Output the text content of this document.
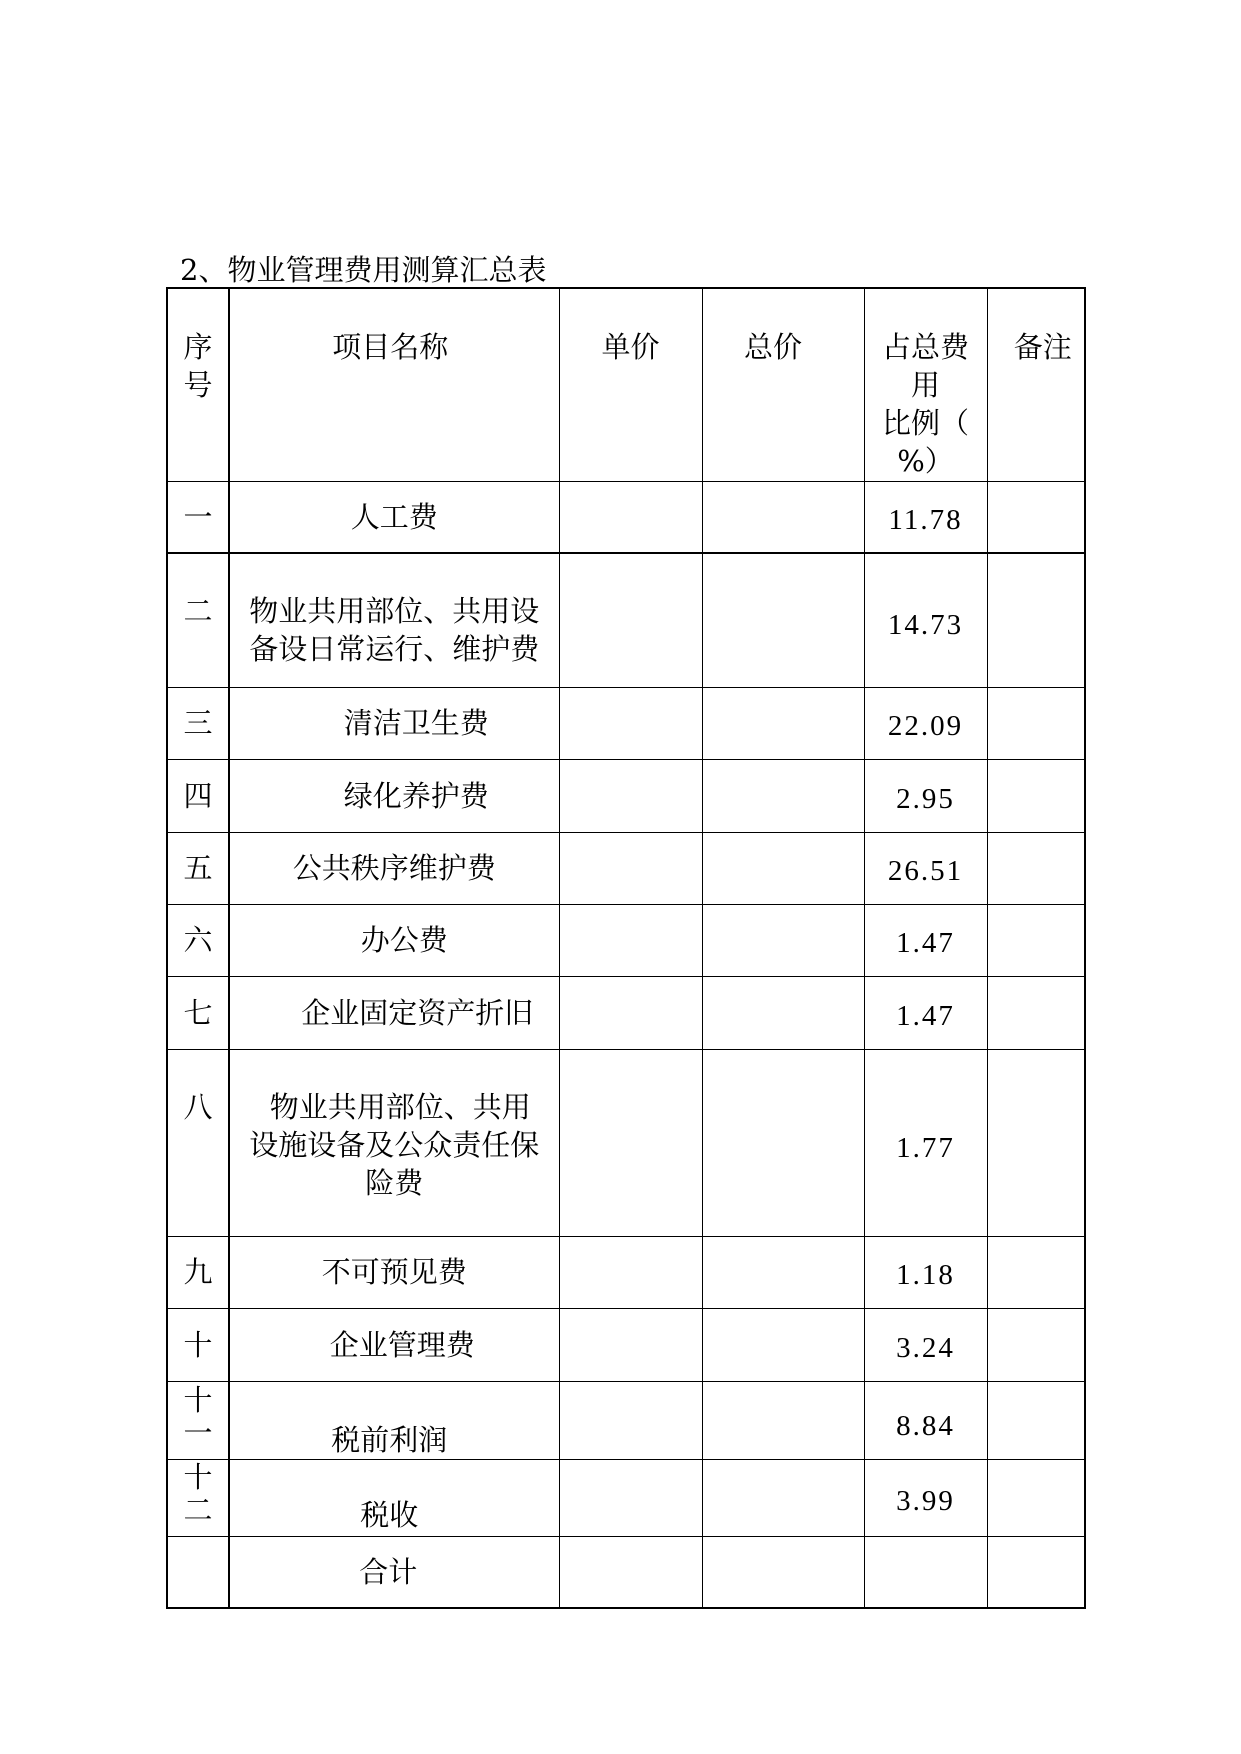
2、物业管理费用测算汇总表
序号	项目名称	单价	总价	占总费
用
比例（
%）	备注
一	人工费			11.78	
二	物业共用部位、共用设
备设日常运行、维护费			14.73	
三	清洁卫生费			22.09	
四	绿化养护费			2.95	
五	公共秩序维护费			26.51	
六	办公费			1.47	
七	企业固定资产折旧			1.47	
八	物业共用部位、共用
设施设备及公众责任保
险费			1.77	
九	不可预见费			1.18	
十	企业管理费			3.24	
十一	税前利润			8.84	
十二	税收			3.99	
	合计				
